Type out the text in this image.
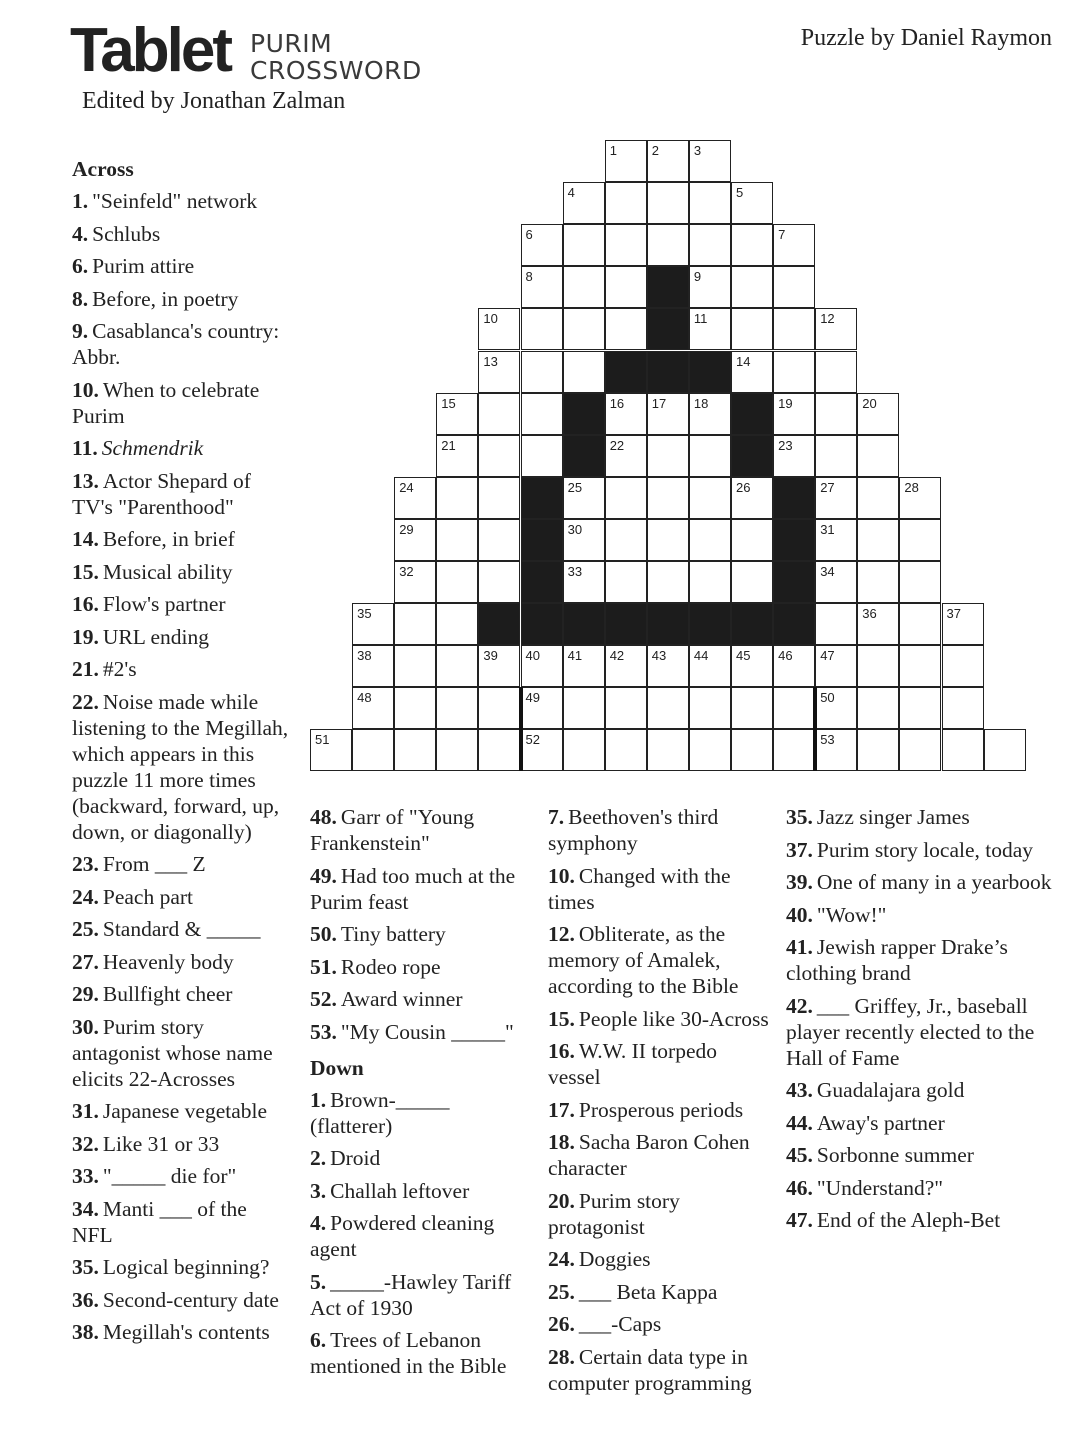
Tablet PURIM
CROSSWORD
Edited by Jonathan Zalman
Puzzle by Daniel Raymon
1	2	3
4	5
6	7
8	9
10	11	12
13	14
15	16 17 18	19	20
21	22	23
24	25	26	27	28
29	30	31
32	33	34
35	36	37
38	39 40 41 42 43 44 45 46 47
48	49	50
51	52	53
Across
1. "Seinfeld" network
4. Schlubs
6. Purim attire
8. Before, in poetry
9. Casablanca's country: Abbr.
10. When to celebrate Purim
11. Schmendrik
13. Actor Shepard of TV's "Parenthood"
14. Before, in brief
15. Musical ability
16. Flow's partner
19. URL ending
21. #2's
22. Noise made while listening to the Megillah, which appears in this puzzle 11 more times (backward, forward, up, down, or diagonally)
23. From ___ Z
24. Peach part
25. Standard & _____
27. Heavenly body
29. Bullfight cheer
30. Purim story antagonist whose name elicits 22-Acrosses
31. Japanese vegetable
32. Like 31 or 33
33. "_____ die for"
34. Manti ___ of the NFL
35. Logical beginning?
36. Second-century date
38. Megillah's contents
48. Garr of "Young Frankenstein"
49. Had too much at the Purim feast
50. Tiny battery
51. Rodeo rope
52. Award winner
53. "My Cousin _____"
Down
1. Brown-_____ (flatterer)
2. Droid
3. Challah leftover
4. Powdered cleaning agent
5. _____-Hawley Tariff Act of 1930
6. Trees of Lebanon mentioned in the Bible
7. Beethoven's third symphony
10. Changed with the times
12. Obliterate, as the memory of Amalek, according to the Bible
15. People like 30-Across
16. W.W. II torpedo vessel
17. Prosperous periods
18. Sacha Baron Cohen character
20. Purim story protagonist
24. Doggies
25. ___ Beta Kappa
26. ___-Caps
28. Certain data type in computer programming
35. Jazz singer James
37. Purim story locale, today
39. One of many in a yearbook
40. "Wow!"
41. Jewish rapper Drake’s clothing brand
42. ___ Griffey, Jr., baseball player recently elected to the Hall of Fame
43. Guadalajara gold
44. Away's partner
45. Sorbonne summer
46. "Understand?"
47. End of the Aleph-Bet
